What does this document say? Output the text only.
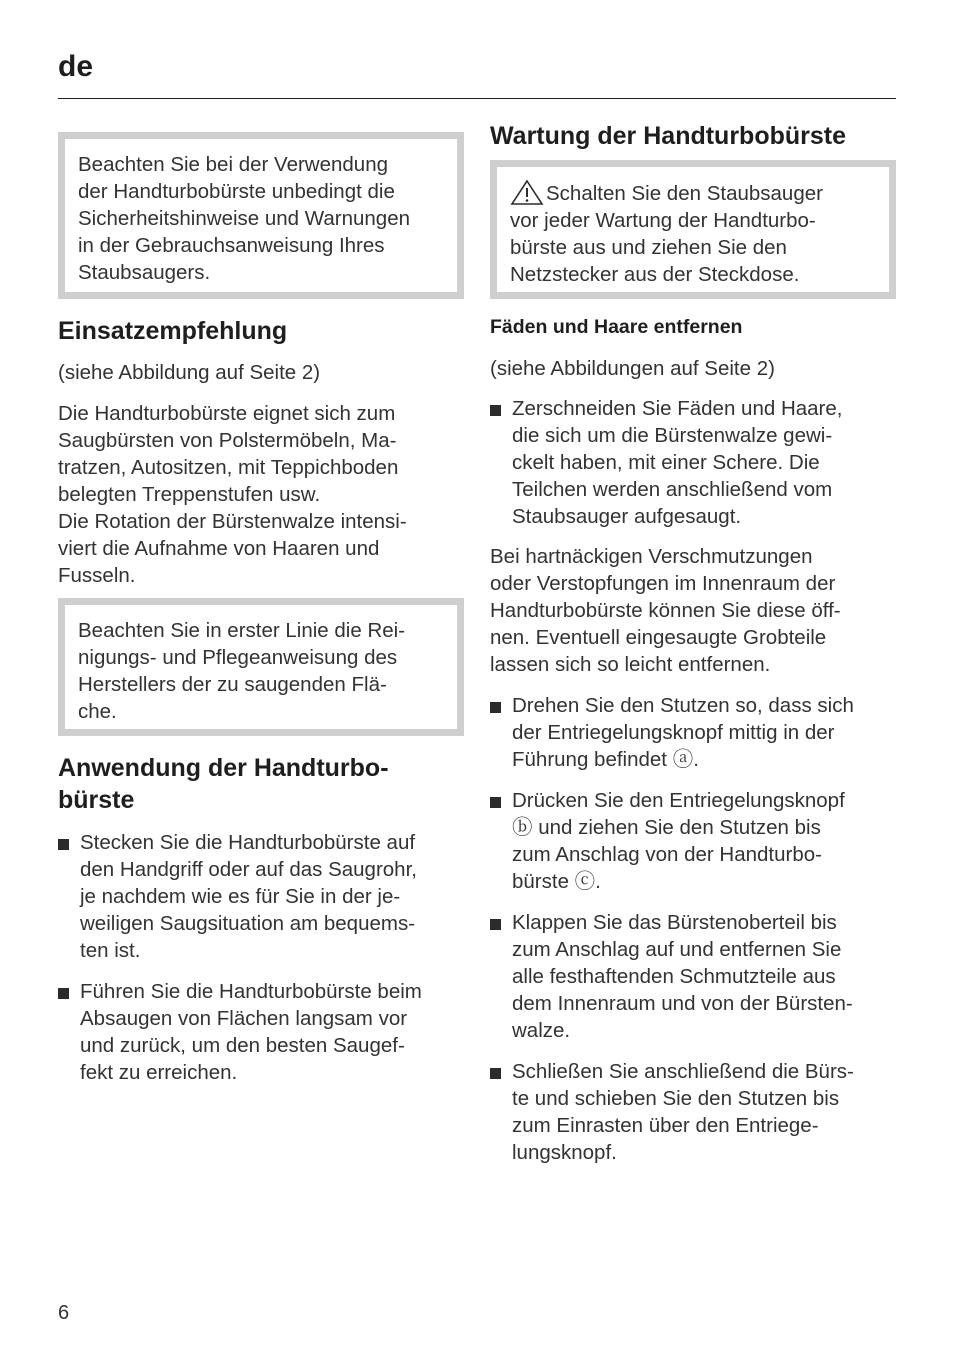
de

Beachten Sie bei der Verwendung

der Handturbobürste unbedingt die

Sicherheitshinweise und Warnungen

in der Gebrauchsanweisung Ihres

Staubsaugers.

Einsatzempfehlung

(siehe Abbildung auf Seite 2)

Die Handturbobürste eignet sich zum

Saugbürsten von Polstermöbeln, Ma-

tratzen, Autositzen, mit Teppichboden

belegten Treppenstufen usw.

Die Rotation der Bürstenwalze intensi-

viert die Aufnahme von Haaren und

Fusseln.

Beachten Sie in erster Linie die Rei-

nigungs- und Pflegeanweisung des

Herstellers der zu saugenden Flä-

che.

Anwendung der Handturbo-
bürste
Stecken Sie die Handturbobürste auf
den Handgriff oder auf das Saugrohr,
je nachdem wie es für Sie in der je-
weiligen Saugsituation am bequems-
ten ist.
Führen Sie die Handturbobürste beim
Absaugen von Flächen langsam vor
und zurück, um den besten Saugef-
fekt zu erreichen.
Wartung der Handturbobürste

Schalten Sie den Staubsauger

vor jeder Wartung der Handturbo-

bürste aus und ziehen Sie den

Netzstecker aus der Steckdose.

Fäden und Haare entfernen

(siehe Abbildungen auf Seite 2)

Zerschneiden Sie Fäden und Haare,
die sich um die Bürstenwalze gewi-
ckelt haben, mit einer Schere. Die
Teilchen werden anschließend vom
Staubsauger aufgesaugt.

Bei hartnäckigen Verschmutzungen

oder Verstopfungen im Innenraum der

Handturbobürste können Sie diese öff-

nen. Eventuell eingesaugte Grobteile

lassen sich so leicht entfernen.

Drehen Sie den Stutzen so, dass sich
der Entriegelungsknopf mittig in der
Führung befindet ⓐ.
Drücken Sie den Entriegelungsknopf
ⓑ und ziehen Sie den Stutzen bis
zum Anschlag von der Handturbo-
bürste ⓒ.
Klappen Sie das Bürstenoberteil bis
zum Anschlag auf und entfernen Sie
alle festhaftenden Schmutzteile aus
dem Innenraum und von der Bürsten-
walze.
Schließen Sie anschließend die Bürs-
te und schieben Sie den Stutzen bis
zum Einrasten über den Entriege-
lungsknopf.
6
